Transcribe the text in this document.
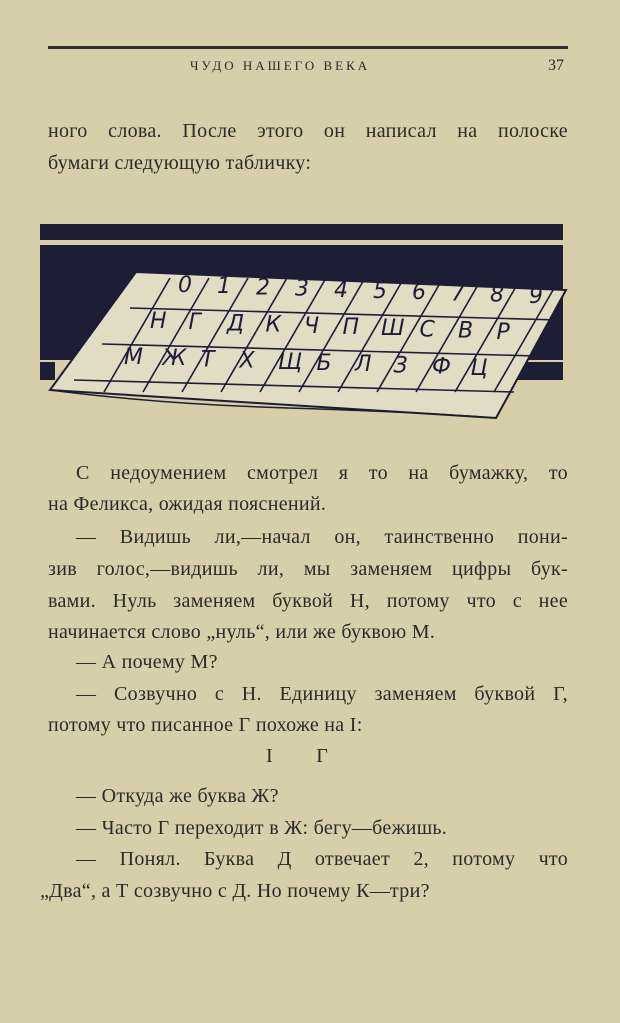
ЧУДО НАШЕГО ВЕКА	37
ного слова. После этого он написал на полоске
бумаги следующую табличку:
0 1 2 3 4 5 6 7 8 9
Н Г Д К Ч П Ш С В Р
М Ж Т Х Щ Б Л З Ф Ц
С недоумением смотрел я то на бумажку, то
на Феликса, ожидая пояснений.
— Видишь ли,—начал он, таинственно пони-
зив голос,—видишь ли, мы заменяем цифры бук-
вами. Нуль заменяем буквой Н, потому что с нее
начинается слово „нуль“, или же буквою М.
— А почему М?
— Созвучно с Н. Единицу заменяем буквой Г,
потому что писанное Г похоже на I:
I Г
— Откуда же буква Ж?
— Часто Г переходит в Ж: бегу—бежишь.
— Понял. Буква Д отвечает 2, потому что
„Два“, а Т созвучно с Д. Но почему К—три?
